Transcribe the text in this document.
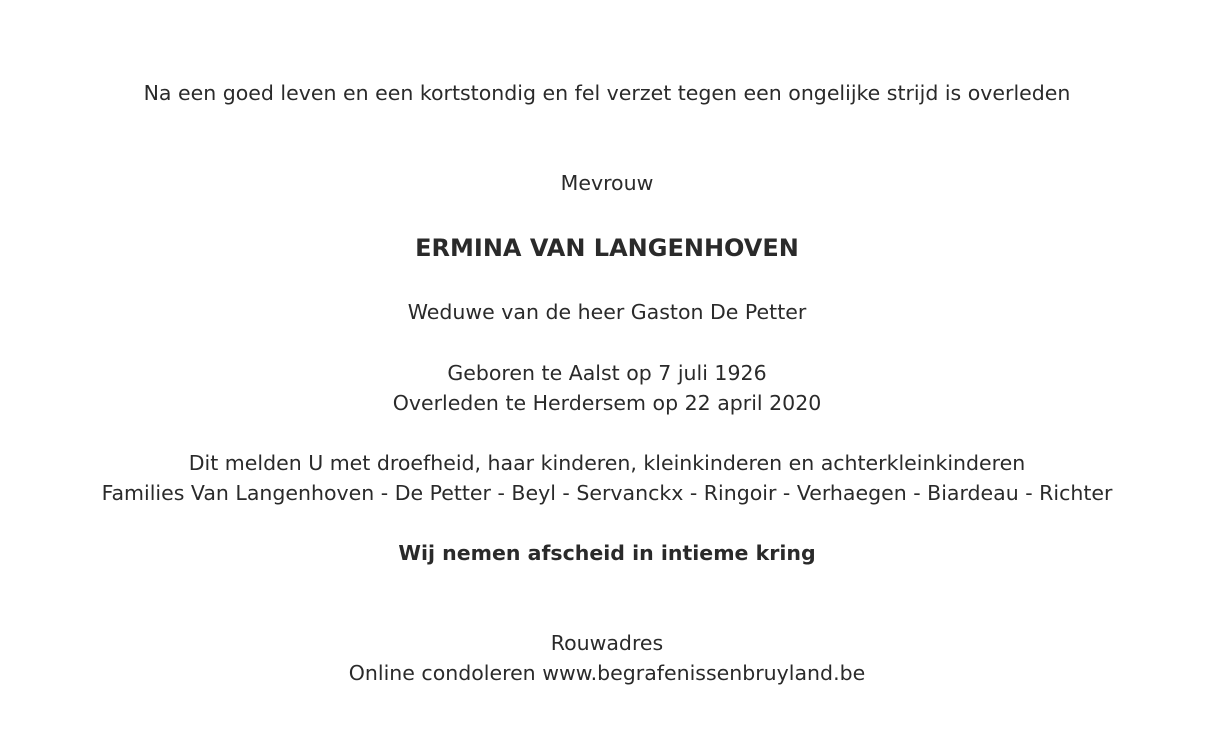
Na een goed leven en een kortstondig en fel verzet tegen een ongelijke strijd is overleden
Mevrouw
ERMINA VAN LANGENHOVEN
Weduwe van de heer Gaston De Petter
Geboren te Aalst op 7 juli 1926
Overleden te Herdersem op 22 april 2020
Dit melden U met droefheid, haar kinderen, kleinkinderen en achterkleinkinderen
Families Van Langenhoven - De Petter - Beyl - Servanckx - Ringoir - Verhaegen - Biardeau - Richter
Wij nemen afscheid in intieme kring
Rouwadres
Online condoleren www.begrafenissenbruyland.be
